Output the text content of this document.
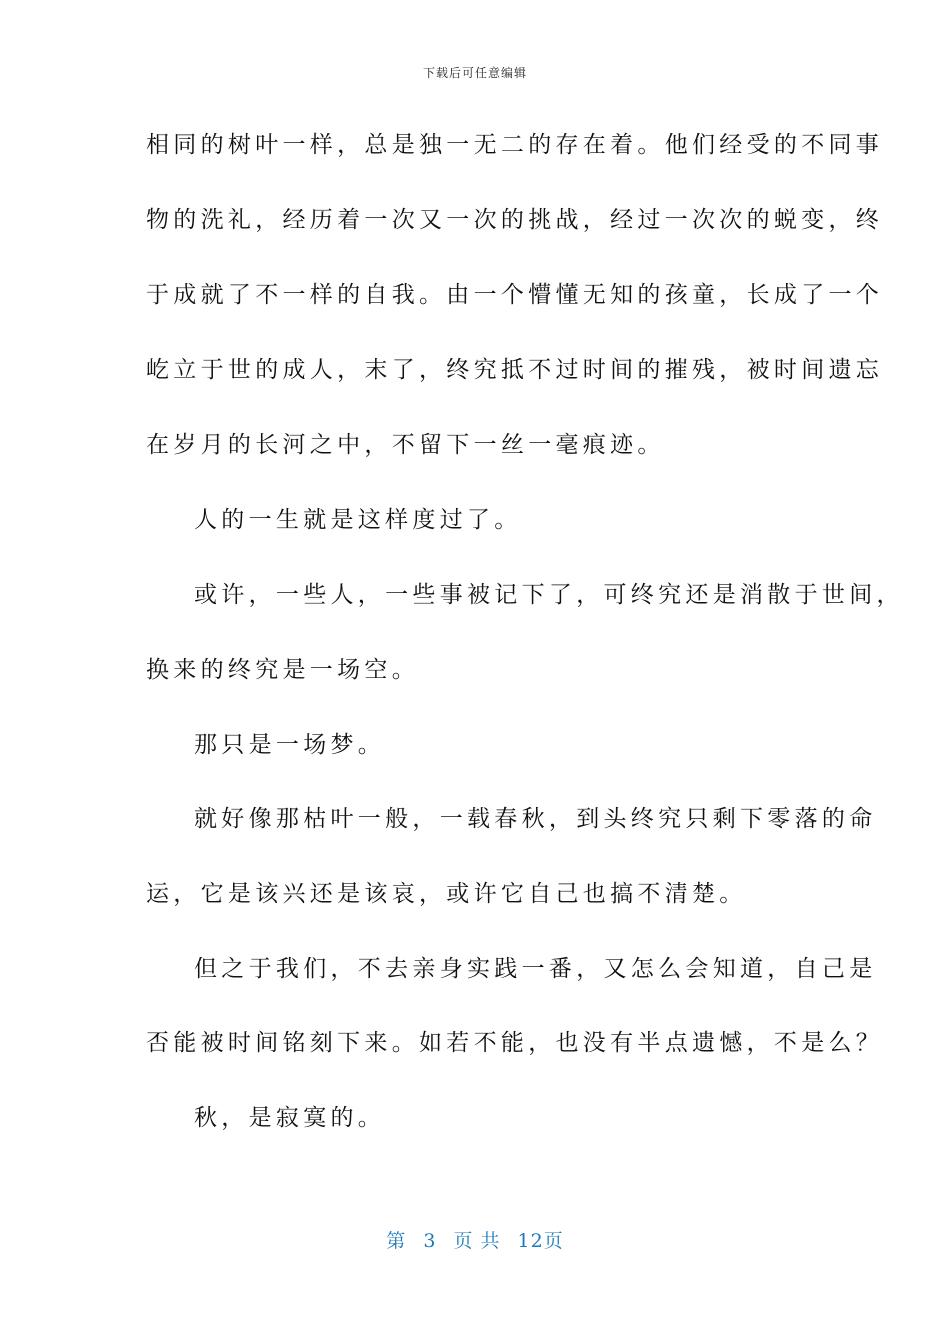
下载后可任意编辑
相同的树叶一样，总是独一无二的存在着。他们经受的不同事
物的洗礼，经历着一次又一次的挑战，经过一次次的蜕变，终
于成就了不一样的自我。由一个懵懂无知的孩童，长成了一个
屹立于世的成人，末了，终究抵不过时间的摧残，被时间遗忘
在岁月的长河之中，不留下一丝一毫痕迹。
人的一生就是这样度过了。
或许，一些人，一些事被记下了，可终究还是消散于世间，
换来的终究是一场空。
那只是一场梦。
就好像那枯叶一般，一载春秋，到头终究只剩下零落的命
运，它是该兴还是该哀，或许它自己也搞不清楚。
但之于我们，不去亲身实践一番，又怎么会知道，自己是
否能被时间铭刻下来。如若不能，也没有半点遗憾，不是么？
秋，是寂寞的。
第 3 页 共 12页
